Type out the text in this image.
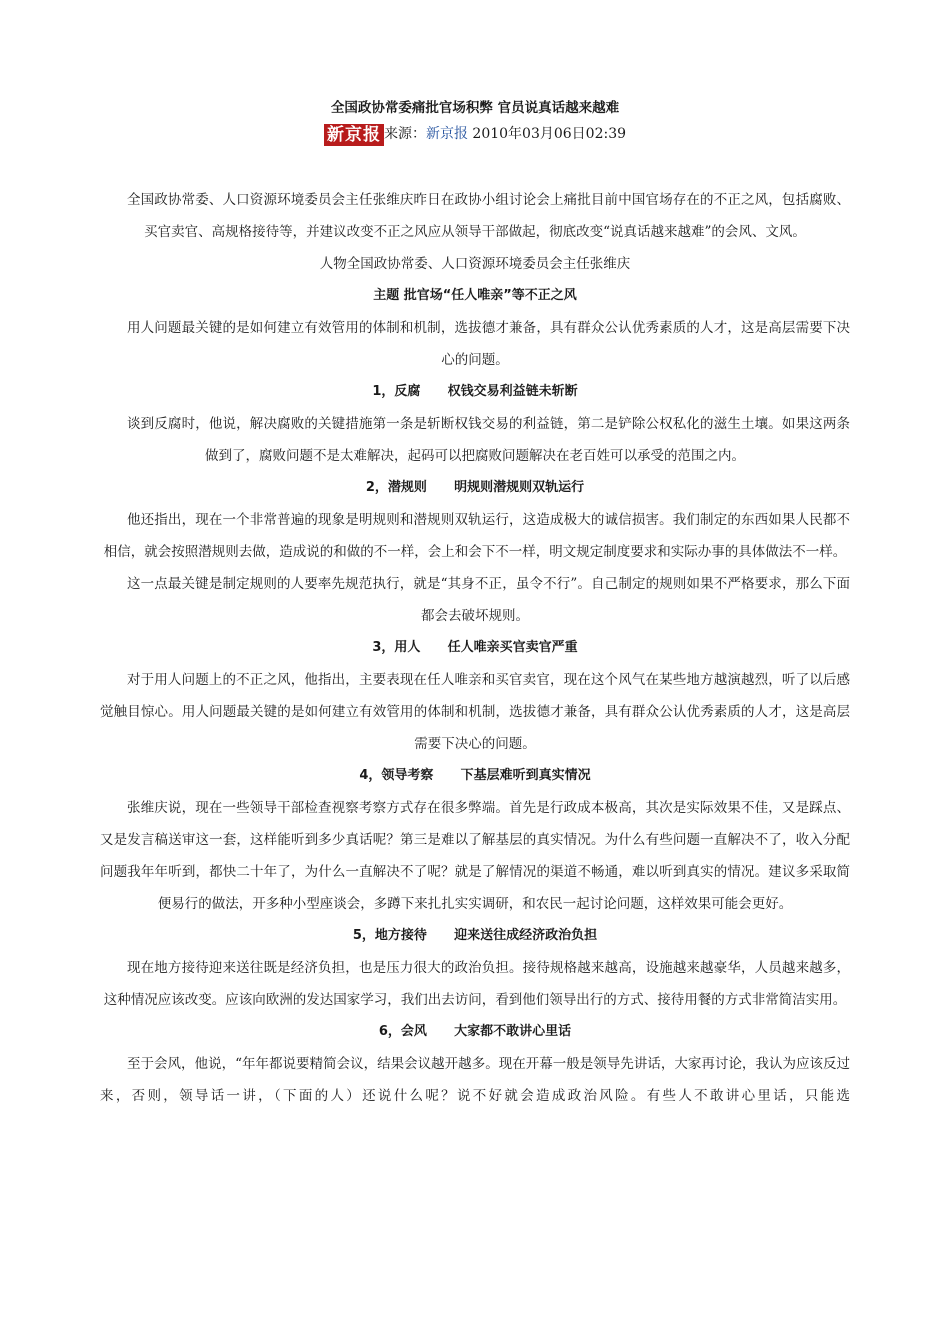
全国政协常委痛批官场积弊 官员说真话越来越难
新京报 来源：新京报 2010年03月06日02:39
全国政协常委、人口资源环境委员会主任张维庆昨日在政协小组讨论会上痛批目前中国官场存在的不正之风，包括腐败、买官卖官、高规格接待等，并建议改变不正之风应从领导干部做起，彻底改变“说真话越来越难”的会风、文风。
人物全国政协常委、人口资源环境委员会主任张维庆
主题 批官场“任人唯亲”等不正之风
用人问题最关键的是如何建立有效管用的体制和机制，选拔德才兼备，具有群众公认优秀素质的人才，这是高层需要下决心的问题。
1，反腐      权钱交易利益链未斩断
谈到反腐时，他说，解决腐败的关键措施第一条是斩断权钱交易的利益链，第二是铲除公权私化的滋生土壤。如果这两条做到了，腐败问题不是太难解决，起码可以把腐败问题解决在老百姓可以承受的范围之内。
2，潜规则      明规则潜规则双轨运行
他还指出，现在一个非常普遍的现象是明规则和潜规则双轨运行，这造成极大的诚信损害。我们制定的东西如果人民都不相信，就会按照潜规则去做，造成说的和做的不一样，会上和会下不一样，明文规定制度要求和实际办事的具体做法不一样。
这一点最关键是制定规则的人要率先规范执行，就是“其身不正，虽令不行”。自己制定的规则如果不严格要求，那么下面都会去破坏规则。
3，用人      任人唯亲买官卖官严重
对于用人问题上的不正之风，他指出，主要表现在任人唯亲和买官卖官，现在这个风气在某些地方越演越烈，听了以后感觉触目惊心。用人问题最关键的是如何建立有效管用的体制和机制，选拔德才兼备，具有群众公认优秀素质的人才，这是高层需要下决心的问题。
4，领导考察      下基层难听到真实情况
张维庆说，现在一些领导干部检查视察考察方式存在很多弊端。首先是行政成本极高，其次是实际效果不佳，又是踩点、又是发言稿送审这一套，这样能听到多少真话呢？第三是难以了解基层的真实情况。为什么有些问题一直解决不了，收入分配问题我年年听到，都快二十年了，为什么一直解决不了呢？就是了解情况的渠道不畅通，难以听到真实的情况。建议多采取简便易行的做法，开多种小型座谈会，多蹲下来扎扎实实调研，和农民一起讨论问题，这样效果可能会更好。
5，地方接待      迎来送往成经济政治负担
现在地方接待迎来送往既是经济负担，也是压力很大的政治负担。接待规格越来越高，设施越来越豪华，人员越来越多，这种情况应该改变。应该向欧洲的发达国家学习，我们出去访问，看到他们领导出行的方式、接待用餐的方式非常简洁实用。
6，会风      大家都不敢讲心里话
至于会风，他说，“年年都说要精简会议，结果会议越开越多。现在开幕一般是领导先讲话，大家再讨论，我认为应该反过来，否则，领导话一讲，（下面的人）还说什么呢？说不好就会造成政治风险。有些人不敢讲心里话，只能选
